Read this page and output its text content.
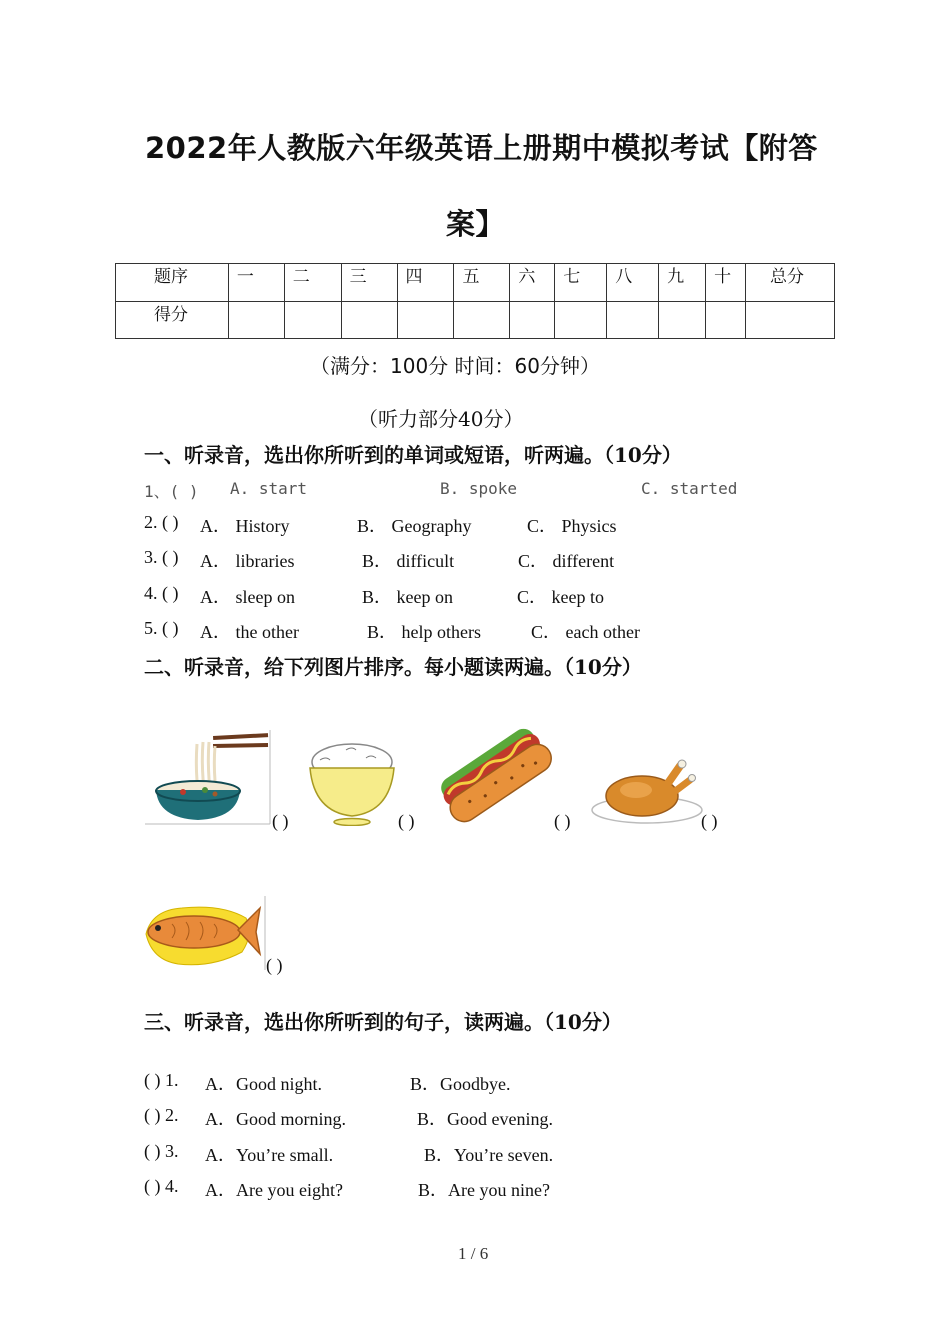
2022年人教版六年级英语上册期中模拟考试【附答
案】
题序	一	二	三	四	五	六	七	八	九	十	总分
得分											
（满分：100分 时间：60分钟）
（听力部分40分）
一、听录音，选出你所听到的单词或短语，听两遍。（10分）
1、( ) A. start	B. spoke	C. started
2. ( ) A． History	B． Geography	C． Physics
3. ( ) A． libraries	B． difficult	C． different
4. ( ) A． sleep on	B． keep on	C． keep to
5. ( ) A． the other	B． help others	C． each other
二、听录音，给下列图片排序。每小题读两遍。（10分）
( )	( )	( )	( )
( )
三、听录音，选出你所听到的句子，读两遍。（10分）
( ) 1. A．Good night.	B．Goodbye.
( ) 2. A．Good morning.	B．Good evening.
( ) 3. A．You’re small.	B．You’re seven.
( ) 4. A．Are you eight?	B．Are you nine?
1 / 6
